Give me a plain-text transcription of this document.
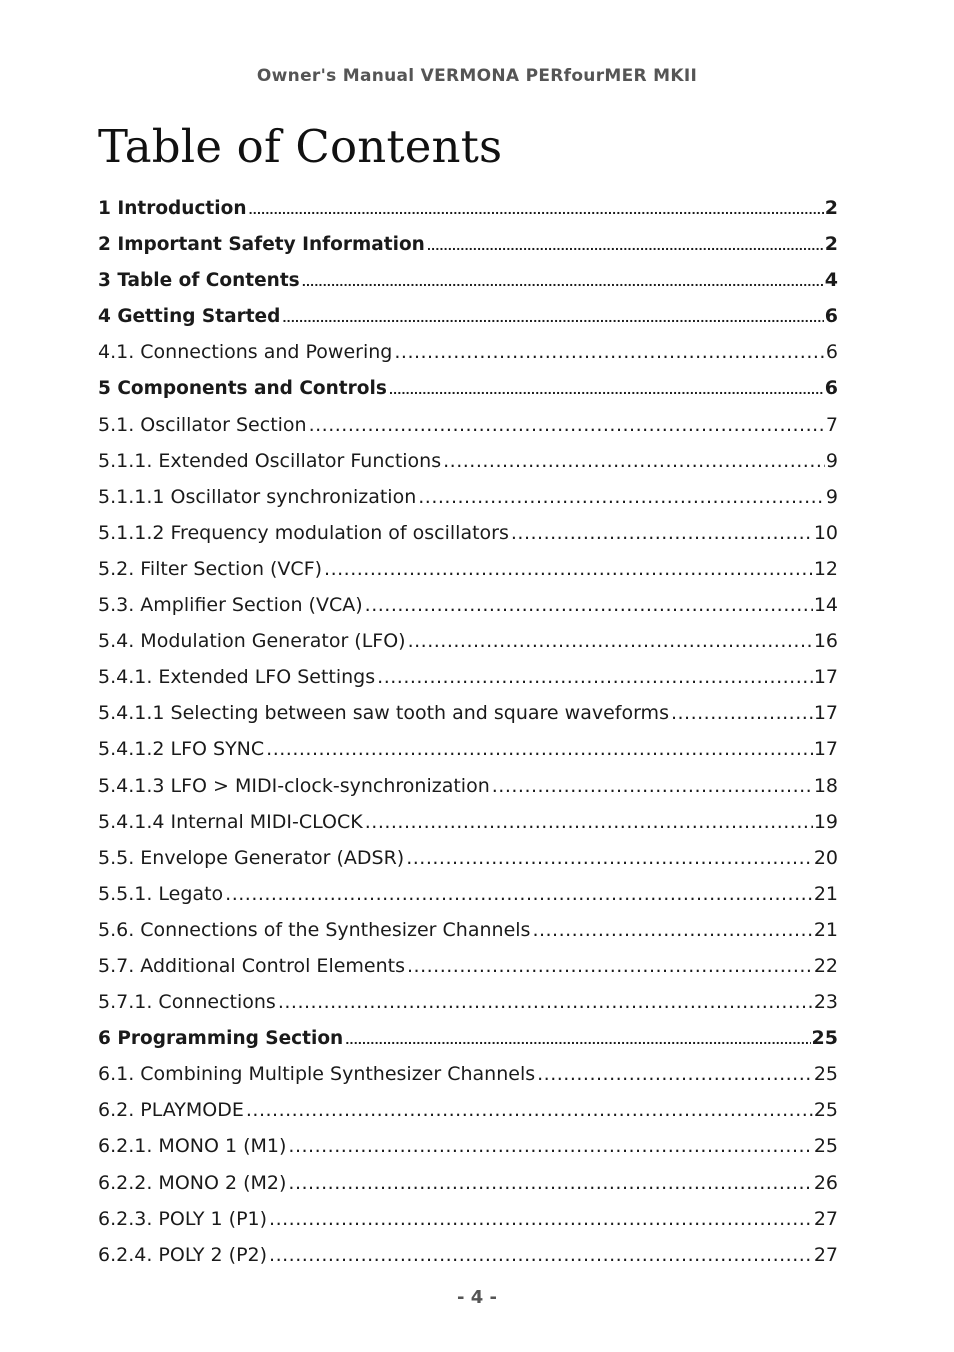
Owner's Manual VERMONA PERfourMER MKII
Table of Contents
1 Introduction .....	2
2 Important Safety Information .....	2
3 Table of Contents .....	4
4 Getting Started .....	6
4.1. Connections and Powering .....	6
5 Components and Controls .....	6
5.1. Oscillator Section .....	7
5.1.1. Extended Oscillator Functions .....	9
5.1.1.1 Oscillator synchronization .....	9
5.1.1.2 Frequency modulation of oscillators .....	10
5.2. Filter Section (VCF) .....	12
5.3. Amplifier Section (VCA) .....	14
5.4. Modulation Generator (LFO) .....	16
5.4.1. Extended LFO Settings .....	17
5.4.1.1 Selecting between saw tooth and square waveforms .....	17
5.4.1.2 LFO SYNC .....	17
5.4.1.3 LFO > MIDI-clock-synchronization .....	18
5.4.1.4 Internal MIDI-CLOCK .....	19
5.5. Envelope Generator (ADSR) .....	20
5.5.1. Legato .....	21
5.6. Connections of the Synthesizer Channels .....	21
5.7. Additional Control Elements .....	22
5.7.1. Connections .....	23
6 Programming Section .....	25
6.1. Combining Multiple Synthesizer Channels .....	25
6.2. PLAYMODE .....	25
6.2.1. MONO 1 (M1) .....	25
6.2.2. MONO 2 (M2) .....	26
6.2.3. POLY 1 (P1) .....	27
6.2.4. POLY 2 (P2) .....	27
- 4 -
